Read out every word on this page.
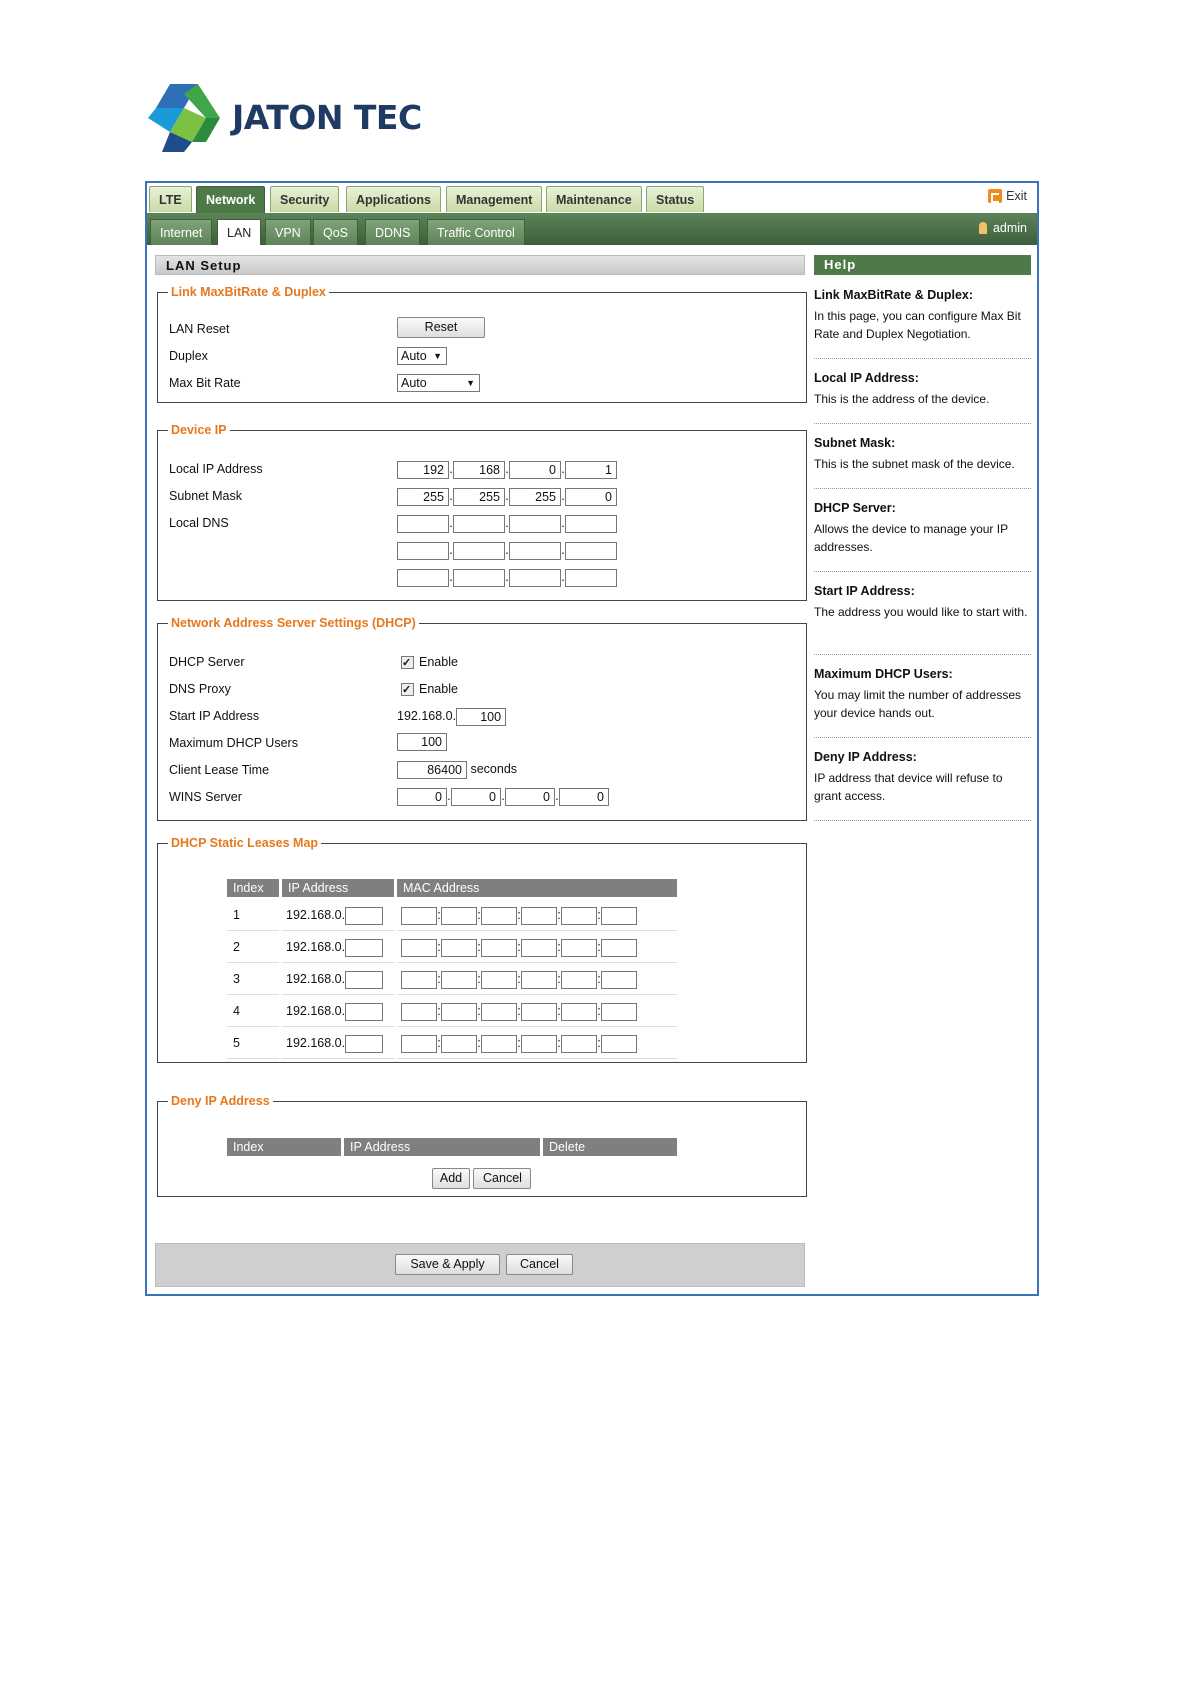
JATON TEC
LTE	Network	Security	Applications	Management	Maintenance	Status	Exit
Internet	LAN	VPN	QoS	DDNS	Traffic Control	admin
LAN Setup	Help
Link MaxBitRate & Duplex
LAN Reset	Reset
Duplex	Auto ▼
Max Bit Rate	Auto	▼
Device IP
Local IP Address	192 . 168 .	0 .	1
Subnet Mask	255 . 255 . 255 .	0
Local DNS	.	.	.
.	.	.
.	.	.
Network Address Server Settings (DHCP)
DHCP Server ✓	Enable
DNS Proxy ✓	Enable
Start IP Address	192.168.0. 100
Maximum DHCP Users	100
Client Lease Time	86400 seconds
WINS Server	0 .	0 .	0 .	0
DHCP Static Leases Map
Index	IP Address	MAC Address
1	192.168.0.	:	:	:	:	:
2	192.168.0.	:	:	:	:	:
3	192.168.0.	:	:	:	:	:
4	192.168.0.	:	:	:	:	:
5	192.168.0.	:	:	:	:	:
Deny IP Address
Index	IP Address	Delete
Add Cancel
Save & Apply	Cancel
Link MaxBitRate & Duplex:
In this page, you can configure Max Bit Rate and Duplex Negotiation.
Local IP Address:
This is the address of the device.
Subnet Mask:
This is the subnet mask of the device.
DHCP Server:
Allows the device to manage your IP addresses.
Start IP Address:
The address you would like to start with.
Maximum DHCP Users:
You may limit the number of addresses your device hands out.
Deny IP Address:
IP address that device will refuse to grant access.
